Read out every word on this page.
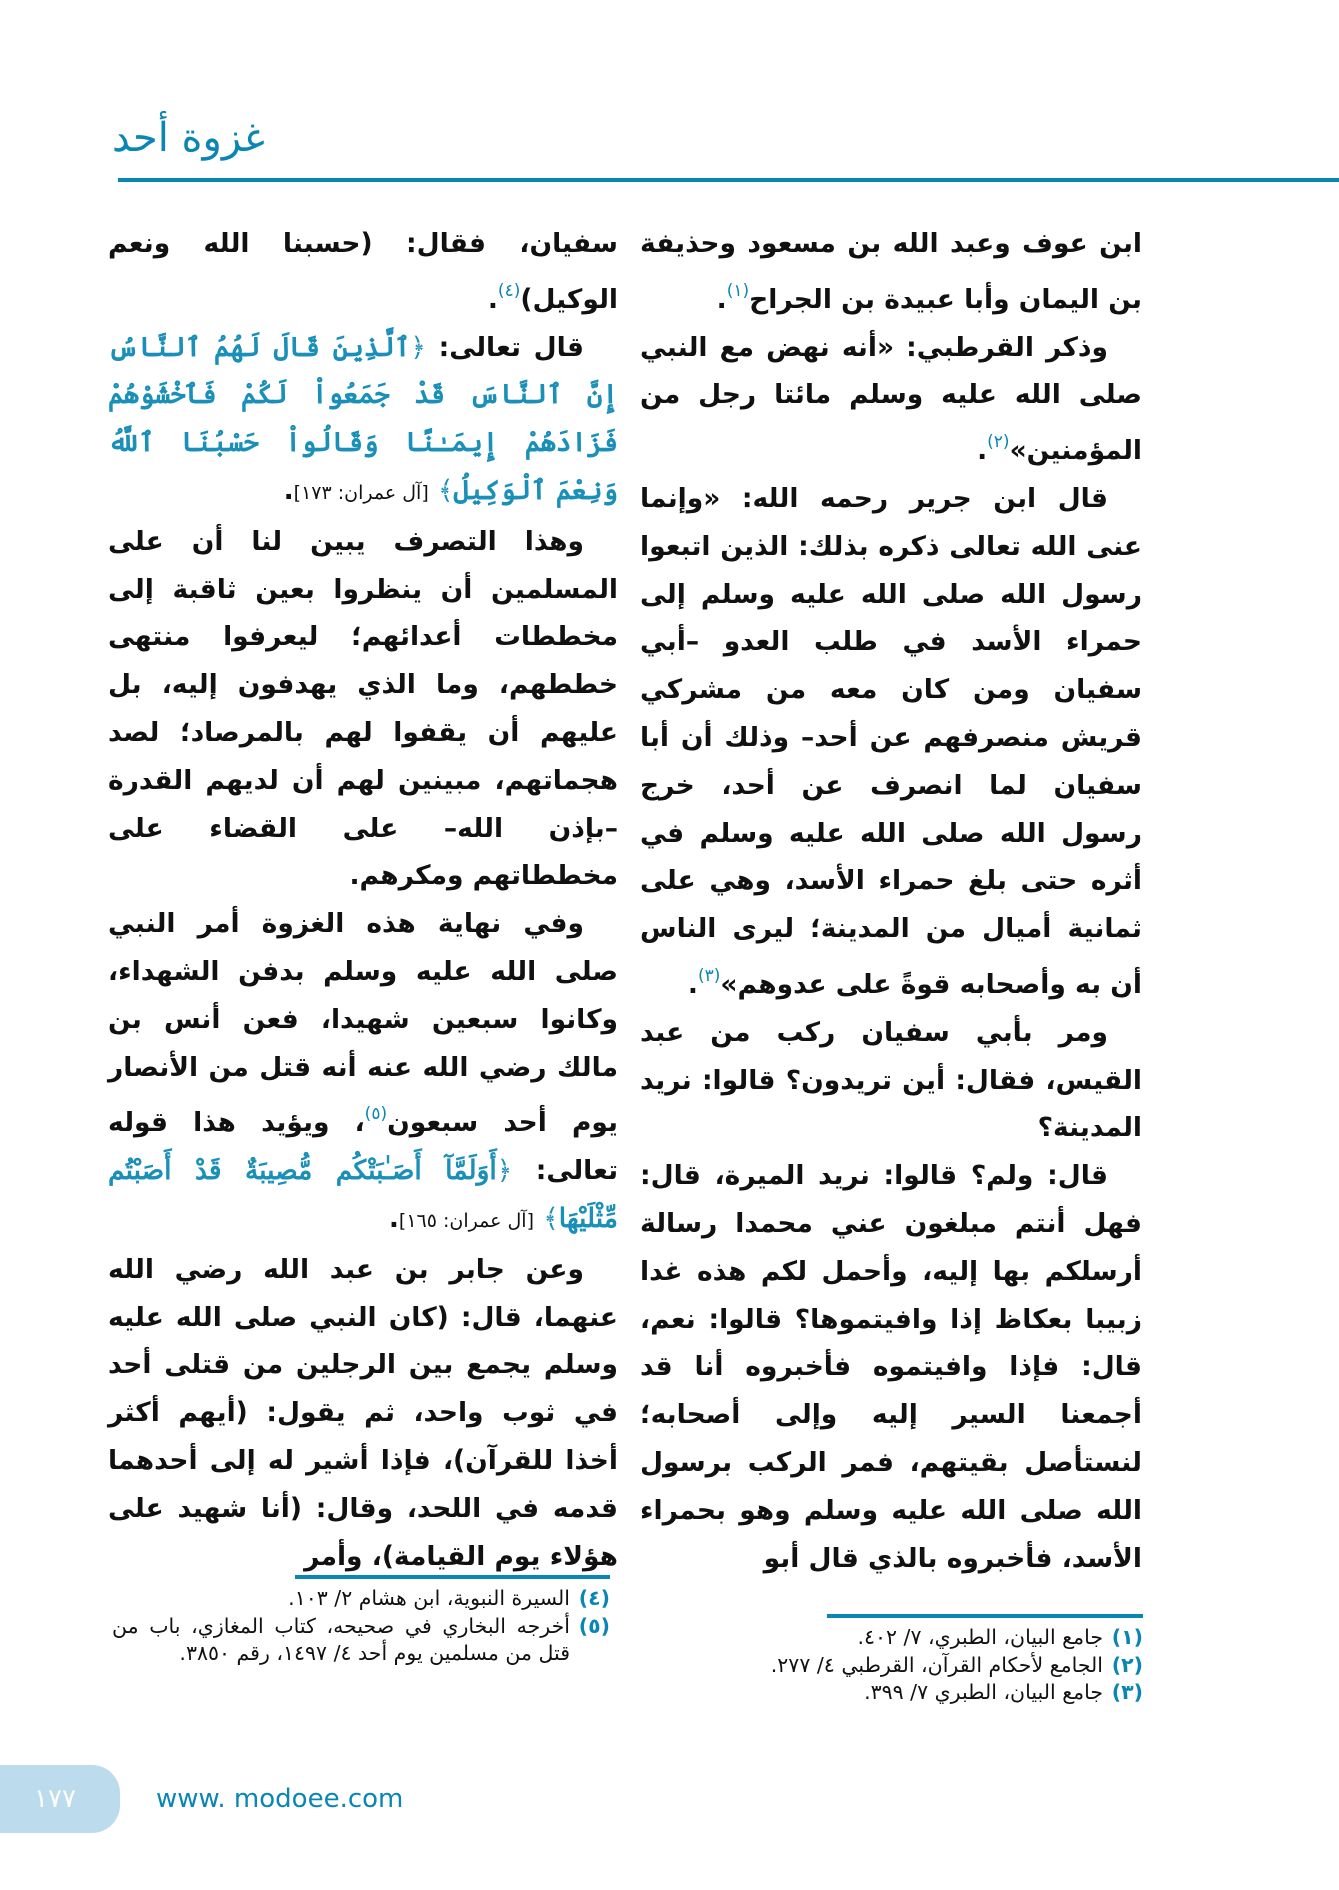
غزوة أحد

ابن عوف وعبد الله بن مسعود وحذيفة بن اليمان وأبا عبيدة بن الجراح$^{(١)}$.

وذكر القرطبي: «أنه نهض مع النبي صلى الله عليه وسلم مائتا رجل من المؤمنين»$^{(٢)}$.

قال ابن جرير رحمه الله: «وإنما عنى الله تعالى ذكره بذلك: الذين اتبعوا رسول الله صلى الله عليه وسلم إلى حمراء الأسد في طلب العدو –أبي سفيان ومن كان معه من مشركي قريش منصرفهم عن أحد– وذلك أن أبا سفيان لما انصرف عن أحد، خرج رسول الله صلى الله عليه وسلم في أثره حتى بلغ حمراء الأسد، وهي على ثمانية أميال من المدينة؛ ليرى الناس أن به وأصحابه قوةً على عدوهم»$^{(٣)}$.

ومر بأبي سفيان ركب من عبد القيس، فقال: أين تريدون؟ قالوا: نريد المدينة؟

قال: ولم؟ قالوا: نريد الميرة، قال: فهل أنتم مبلغون عني محمدا رسالة أرسلكم بها إليه، وأحمل لكم هذه غدا زبيبا بعكاظ إذا وافيتموها؟ قالوا: نعم، قال: فإذا وافيتموه فأخبروه أنا قد أجمعنا السير إليه وإلى أصحابه؛ لنستأصل بقيتهم، فمر الركب برسول الله صلى الله عليه وسلم وهو بحمراء الأسد، فأخبروه بالذي قال أبو

سفيان، فقال: (حسبنا الله ونعم الوكيل)$^{(٤)}$.

قال تعالى: ﴿ٱلَّذِينَ قَالَ لَهُمُ ٱلنَّاسُ إِنَّ ٱلنَّاسَ قَدْ جَمَعُواْ لَكُمْ فَٱخْشَوْهُمْ فَزَادَهُمْ إِيمَـٰنًا وَقَالُواْ حَسْبُنَا ٱللَّهُ وَنِعْمَ ٱلْوَكِيلُ﴾ [آل عمران: ١٧٣].

وهذا التصرف يبين لنا أن على المسلمين أن ينظروا بعين ثاقبة إلى مخططات أعدائهم؛ ليعرفوا منتهى خططهم، وما الذي يهدفون إليه، بل عليهم أن يقفوا لهم بالمرصاد؛ لصد هجماتهم، مبينين لهم أن لديهم القدرة –بإذن الله– على القضاء على مخططاتهم ومكرهم.

وفي نهاية هذه الغزوة أمر النبي صلى الله عليه وسلم بدفن الشهداء، وكانوا سبعين شهيدا، فعن أنس بن مالك رضي الله عنه أنه قتل من الأنصار يوم أحد سبعون$^{(٥)}$، ويؤيد هذا قوله تعالى: ﴿أَوَلَمَّآ أَصَـٰبَتْكُم مُّصِيبَةٌ قَدْ أَصَبْتُم مِّثْلَيْهَا﴾ [آل عمران: ١٦٥].

وعن جابر بن عبد الله رضي الله عنهما، قال: (كان النبي صلى الله عليه وسلم يجمع بين الرجلين من قتلى أحد في ثوب واحد، ثم يقول: (أيهم أكثر أخذا للقرآن)، فإذا أشير له إلى أحدهما قدمه في اللحد، وقال: (أنا شهيد على هؤلاء يوم القيامة)، وأمر

(٤)
السيرة النبوية، ابن هشام ٢/ ١٠٣.
(٥)
أخرجه البخاري في صحيحه، كتاب المغازي، باب من قتل من مسلمين يوم أحد ٤/ ١٤٩٧، رقم ٣٨٥٠.
(١)
جامع البيان، الطبري، ٧/ ٤٠٢.
(٢)
الجامع لأحكام القرآن، القرطبي ٤/ ٢٧٧.
(٣)
جامع البيان، الطبري ٧/ ٣٩٩.
١٧٧	www. modoee.com
